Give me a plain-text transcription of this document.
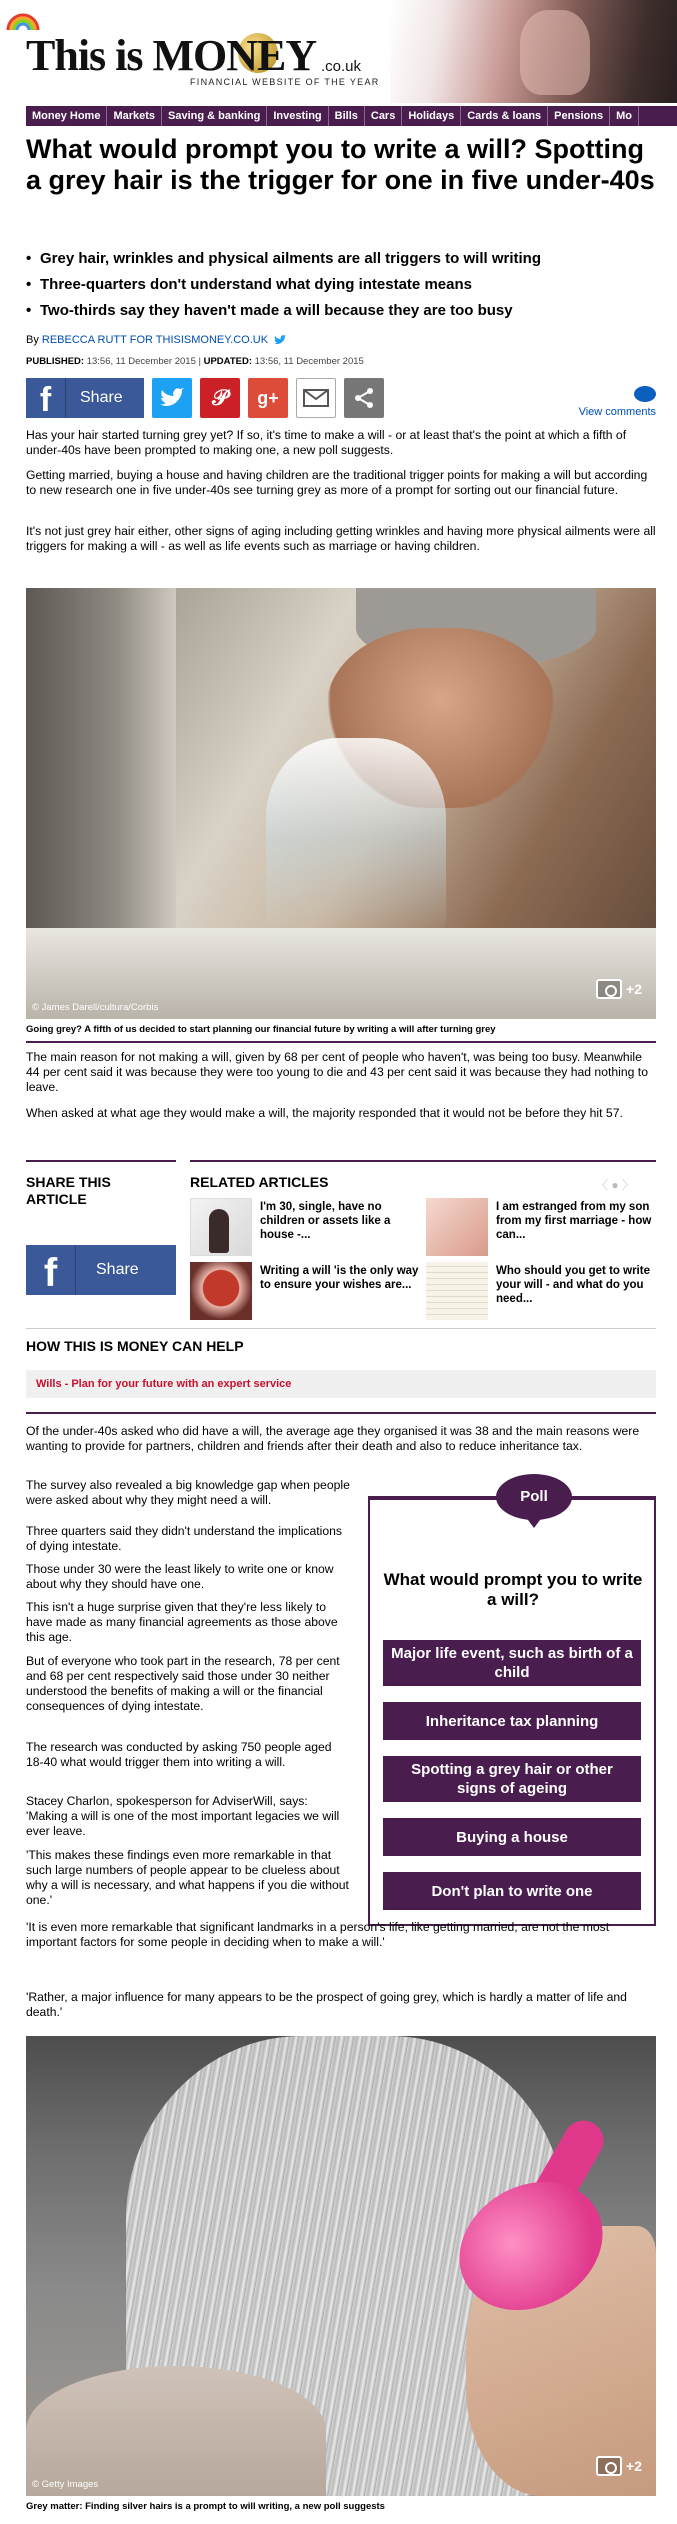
This is MONEY .co.uk
FINANCIAL WEBSITE OF THE YEAR
Money Home	Markets	Saving & banking	Investing	Bills	Cars	Holidays	Cards & loans	Pensions	Mo
What would prompt you to write a will? Spotting a grey hair is the trigger for one in five under-40s
• Grey hair, wrinkles and physical ailments are all triggers to will writing
• Three-quarters don't understand what dying intestate means
• Two-thirds say they haven't made a will because they are too busy
By REBECCA RUTT FOR THISISMONEY.CO.UK
PUBLISHED: 13:56, 11 December 2015 | UPDATED: 13:56, 11 December 2015
f	Share	𝒫 g+
View comments

Has your hair started turning grey yet? If so, it's time to make a will - or at least that's the point at which a fifth of under-40s have been prompted to making one, a new poll suggests.

Getting married, buying a house and having children are the traditional trigger points for making a will but according to new research one in five under-40s see turning grey as more of a prompt for sorting out our financial future.

It's not just grey hair either, other signs of aging including getting wrinkles and having more physical ailments were all triggers for making a will - as well as life events such as marriage or having children.

© James Darell/cultura/Corbis
+2
Going grey? A fifth of us decided to start planning our financial future by writing a will after turning grey

The main reason for not making a will, given by 68 per cent of people who haven't, was being too busy. Meanwhile 44 per cent said it was because they were too young to die and 43 per cent said it was because they had nothing to leave.

When asked at what age they would make a will, the majority responded that it would not be before they hit 57.

SHARE THIS ARTICLE
f	Share
RELATED ARTICLES	〈 ● 〉
I'm 30, single, have no children or assets like a house -...
I am estranged from my son from my first marriage - how can...
Writing a will 'is the only way to ensure your wishes are...
Who should you get to write your will - and what do you need...
HOW THIS IS MONEY CAN HELP
Wills - Plan for your future with an expert service

Of the under-40s asked who did have a will, the average age they organised it was 38 and the main reasons were wanting to provide for partners, children and friends after their death and also to reduce inheritance tax.

The survey also revealed a big knowledge gap when people were asked about why they might need a will.	Poll
What would prompt you to write a will?
Major life event, such as birth of a child
Inheritance tax planning
Spotting a grey hair or other signs of ageing
Buying a house
Don't plan to write one

Three quarters said they didn't understand the implications of dying intestate.

Those under 30 were the least likely to write one or know about why they should have one.

This isn't a huge surprise given that they're less likely to have made as many financial agreements as those above this age.

But of everyone who took part in the research, 78 per cent and 68 per cent respectively said those under 30 neither understood the benefits of making a will or the financial consequences of dying intestate.

The research was conducted by asking 750 people aged 18-40 what would trigger them into writing a will.

Stacey Charlon, spokesperson for AdviserWill, says: 'Making a will is one of the most important legacies we will ever leave.

'This makes these findings even more remarkable in that such large numbers of people appear to be clueless about why a will is necessary, and what happens if you die without one.'

'It is even more remarkable that significant landmarks in a person's life, like getting married, are not the most important factors for some people in deciding when to make a will.'

'Rather, a major influence for many appears to be the prospect of going grey, which is hardly a matter of life and death.'

© Getty Images
+2
Grey matter: Finding silver hairs is a prompt to will writing, a new poll suggests
